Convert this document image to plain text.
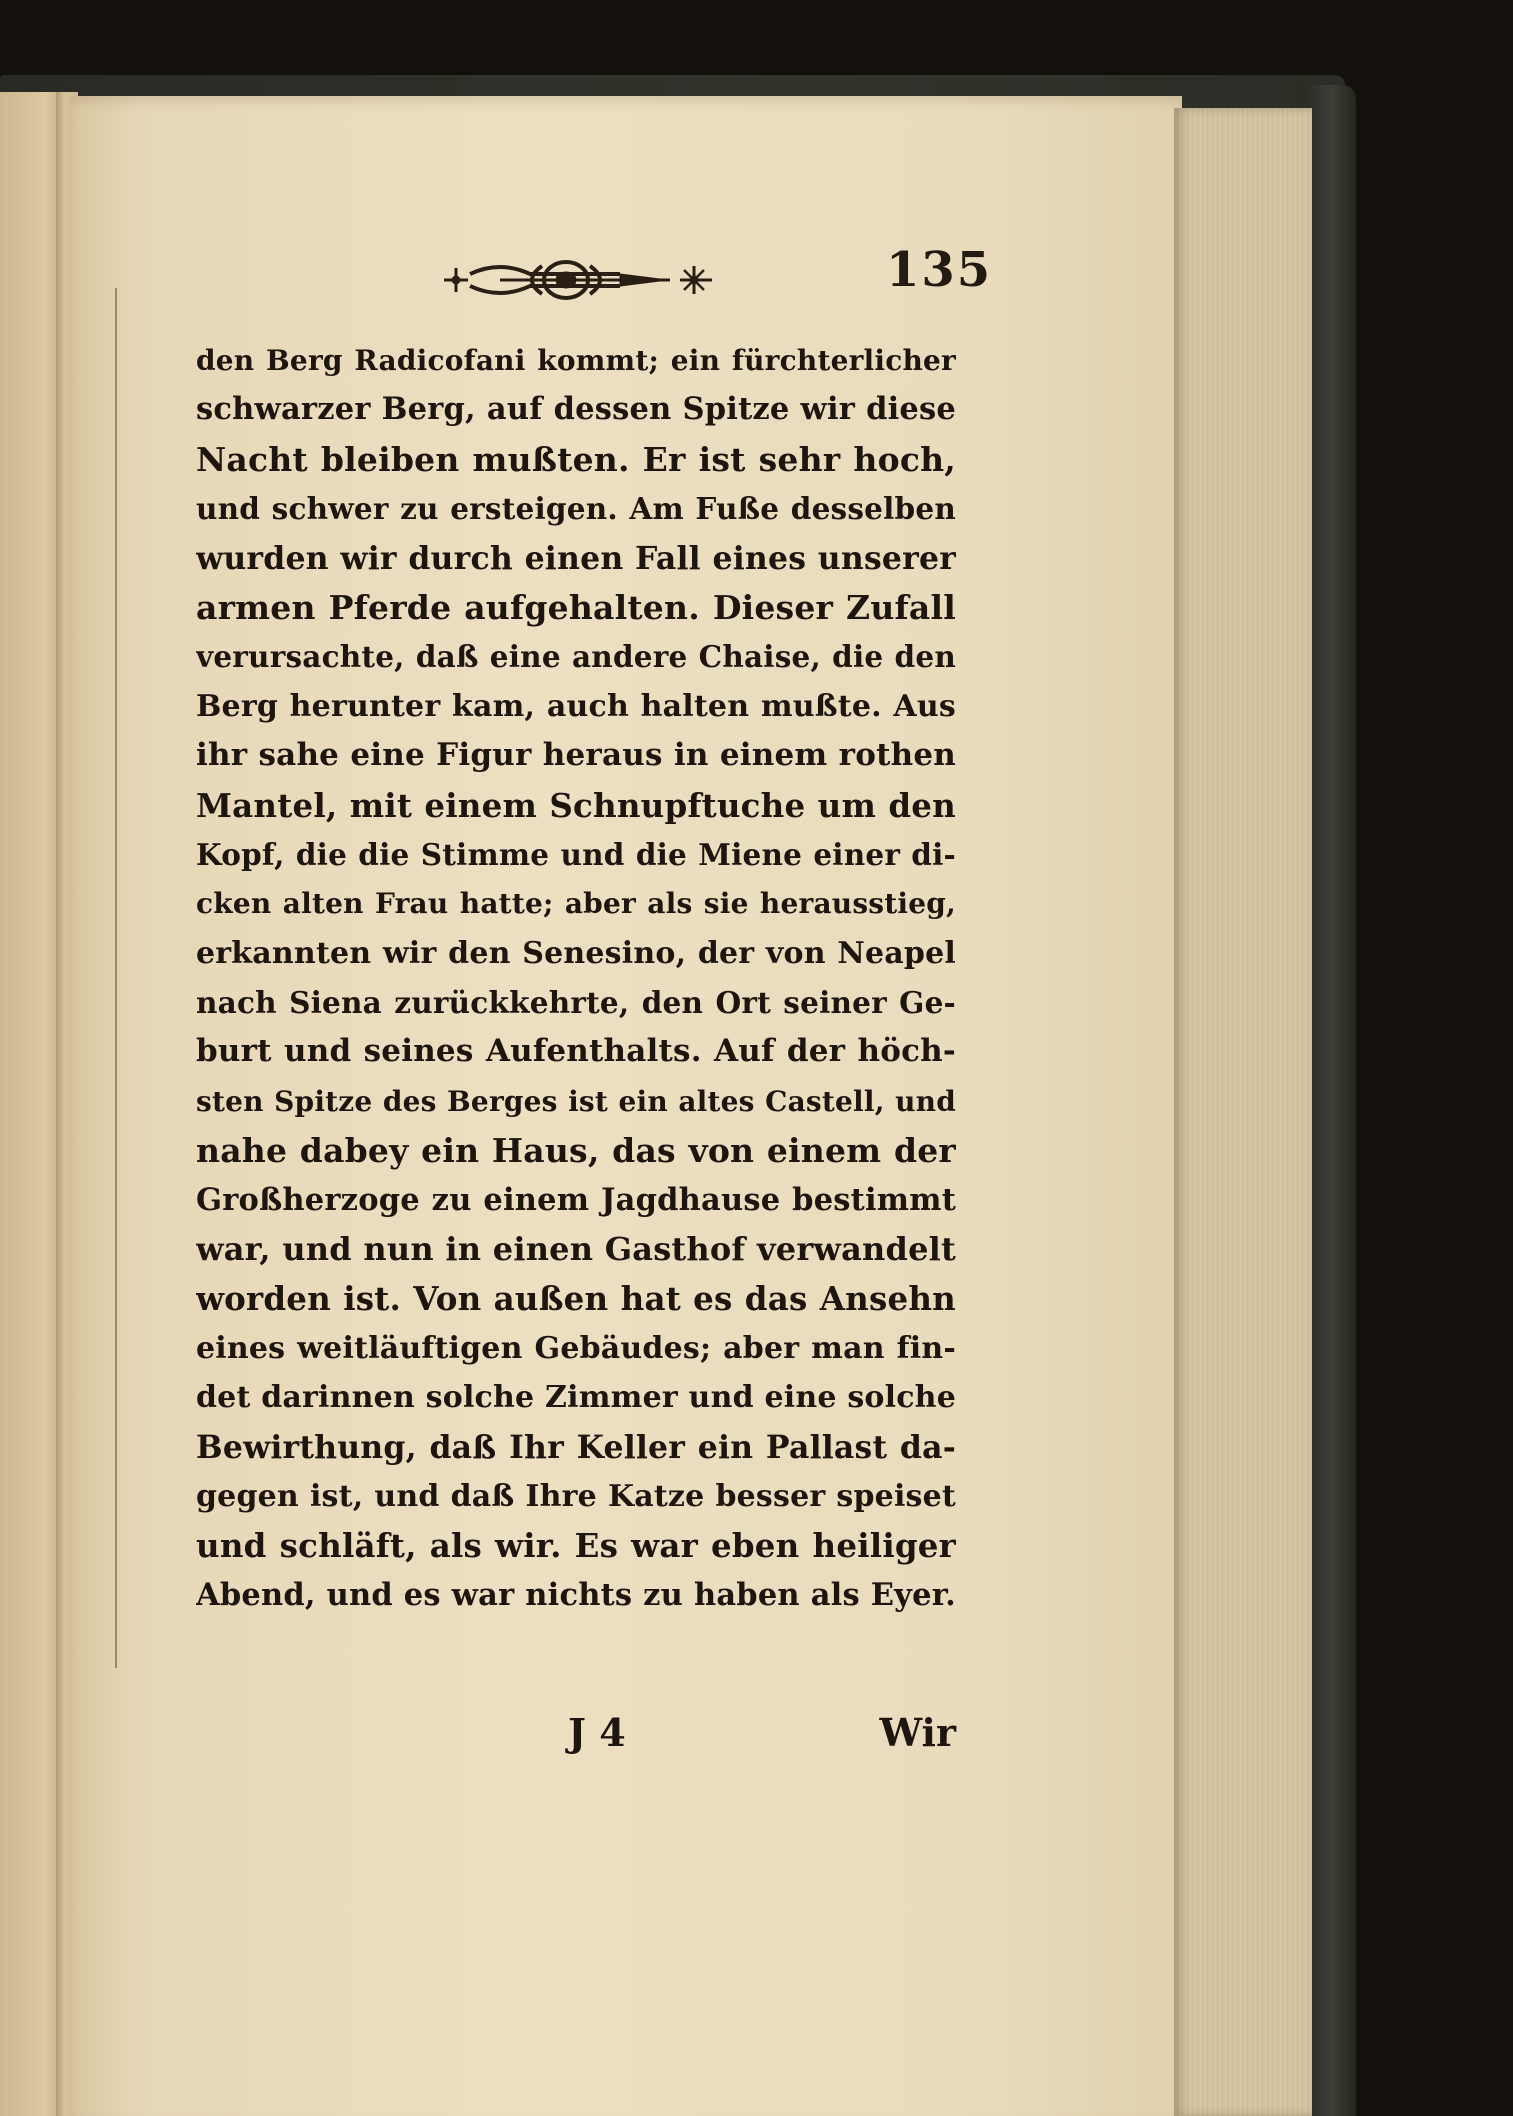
135
den Berg Radicofani kommt; ein fürchterlicher
schwarzer Berg, auf dessen Spitze wir diese
Nacht bleiben mußten. Er ist sehr hoch,
und schwer zu ersteigen. Am Fuße desselben
wurden wir durch einen Fall eines unserer
armen Pferde aufgehalten. Dieser Zufall
verursachte, daß eine andere Chaise, die den
Berg herunter kam, auch halten mußte. Aus
ihr sahe eine Figur heraus in einem rothen
Mantel, mit einem Schnupftuche um den
Kopf, die die Stimme und die Miene einer di-
cken alten Frau hatte; aber als sie herausstieg,
erkannten wir den Senesino, der von Neapel
nach Siena zurückkehrte, den Ort seiner Ge-
burt und seines Aufenthalts. Auf der höch-
sten Spitze des Berges ist ein altes Castell, und
nahe dabey ein Haus, das von einem der
Großherzoge zu einem Jagdhause bestimmt
war, und nun in einen Gasthof verwandelt
worden ist. Von außen hat es das Ansehn
eines weitläuftigen Gebäudes; aber man fin-
det darinnen solche Zimmer und eine solche
Bewirthung, daß Ihr Keller ein Pallast da-
gegen ist, und daß Ihre Katze besser speiset
und schläft, als wir. Es war eben heiliger
Abend, und es war nichts zu haben als Eyer.
J 4	Wir
